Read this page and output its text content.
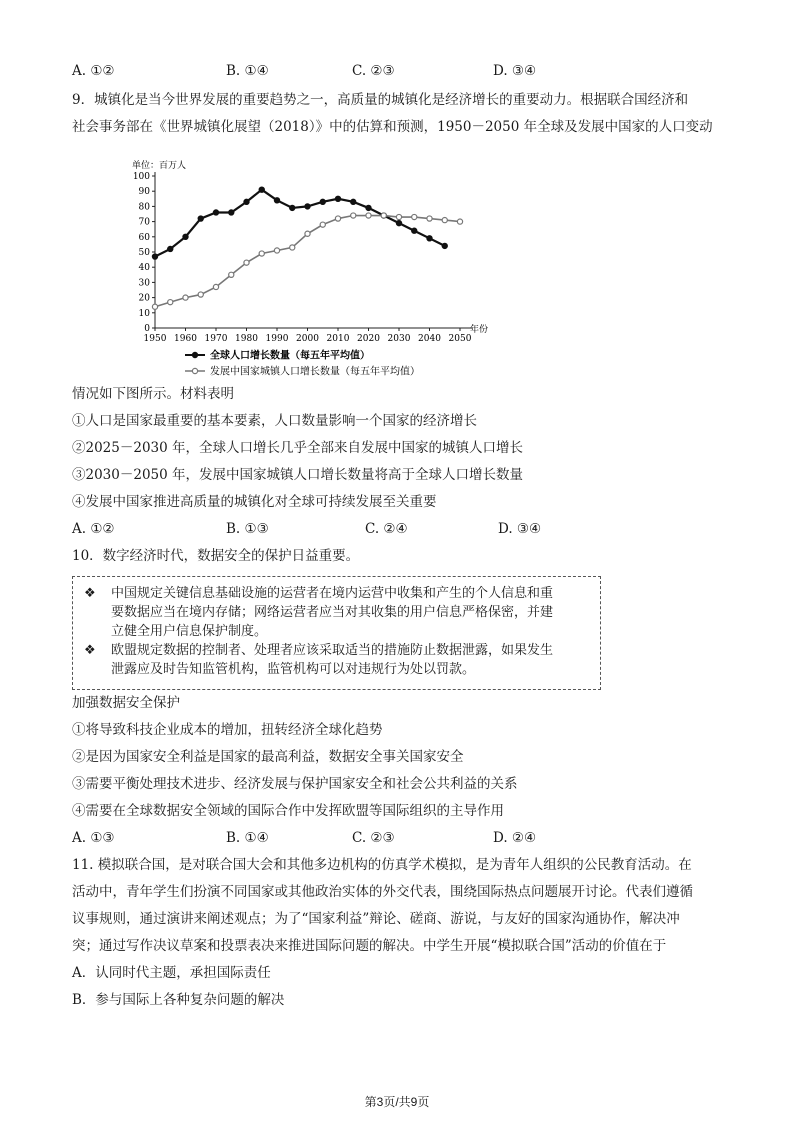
A. ①②	B. ①④	C. ②③	D. ③④
9．城镇化是当今世界发展的重要趋势之一，高质量的城镇化是经济增长的重要动力。根据联合国经济和
社会事务部在《世界城镇化展望（2018）》中的估算和预测，1950－2050 年全球及发展中国家的人口变动
单位：百万人
0
10
20
30
40
50
60
70
80
90
100
1950 1960 1970 1980 1990 2000 2010 2020 2030 2040 2050
年份
全球人口增长数量（每五年平均值）
发展中国家城镇人口增长数量（每五年平均值）
情况如下图所示。材料表明
①人口是国家最重要的基本要素，人口数量影响一个国家的经济增长
②2025－2030 年，全球人口增长几乎全部来自发展中国家的城镇人口增长
③2030－2050 年，发展中国家城镇人口增长数量将高于全球人口增长数量
④发展中国家推进高质量的城镇化对全球可持续发展至关重要
A. ①②	B. ①③	C. ②④	D. ③④
10．数字经济时代，数据安全的保护日益重要。
❖ 中国规定关键信息基础设施的运营者在境内运营中收集和产生的个人信息和重
要数据应当在境内存储；网络运营者应当对其收集的用户信息严格保密，并建
立健全用户信息保护制度。
❖ 欧盟规定数据的控制者、处理者应该采取适当的措施防止数据泄露，如果发生
泄露应及时告知监管机构，监管机构可以对违规行为处以罚款。
加强数据安全保护
①将导致科技企业成本的增加，扭转经济全球化趋势
②是因为国家安全利益是国家的最高利益，数据安全事关国家安全
③需要平衡处理技术进步、经济发展与保护国家安全和社会公共利益的关系
④需要在全球数据安全领域的国际合作中发挥欧盟等国际组织的主导作用
A. ①③	B. ①④	C. ②③	D. ②④
11. 模拟联合国，是对联合国大会和其他多边机构的仿真学术模拟，是为青年人组织的公民教育活动。在
活动中，青年学生们扮演不同国家或其他政治实体的外交代表，围绕国际热点问题展开讨论。代表们遵循
议事规则，通过演讲来阐述观点；为了“国家利益”辩论、磋商、游说，与友好的国家沟通协作，解决冲
突；通过写作决议草案和投票表决来推进国际问题的解决。中学生开展“模拟联合国”活动的价值在于
A．认同时代主题，承担国际责任
B．参与国际上各种复杂问题的解决
第3页/共9页
